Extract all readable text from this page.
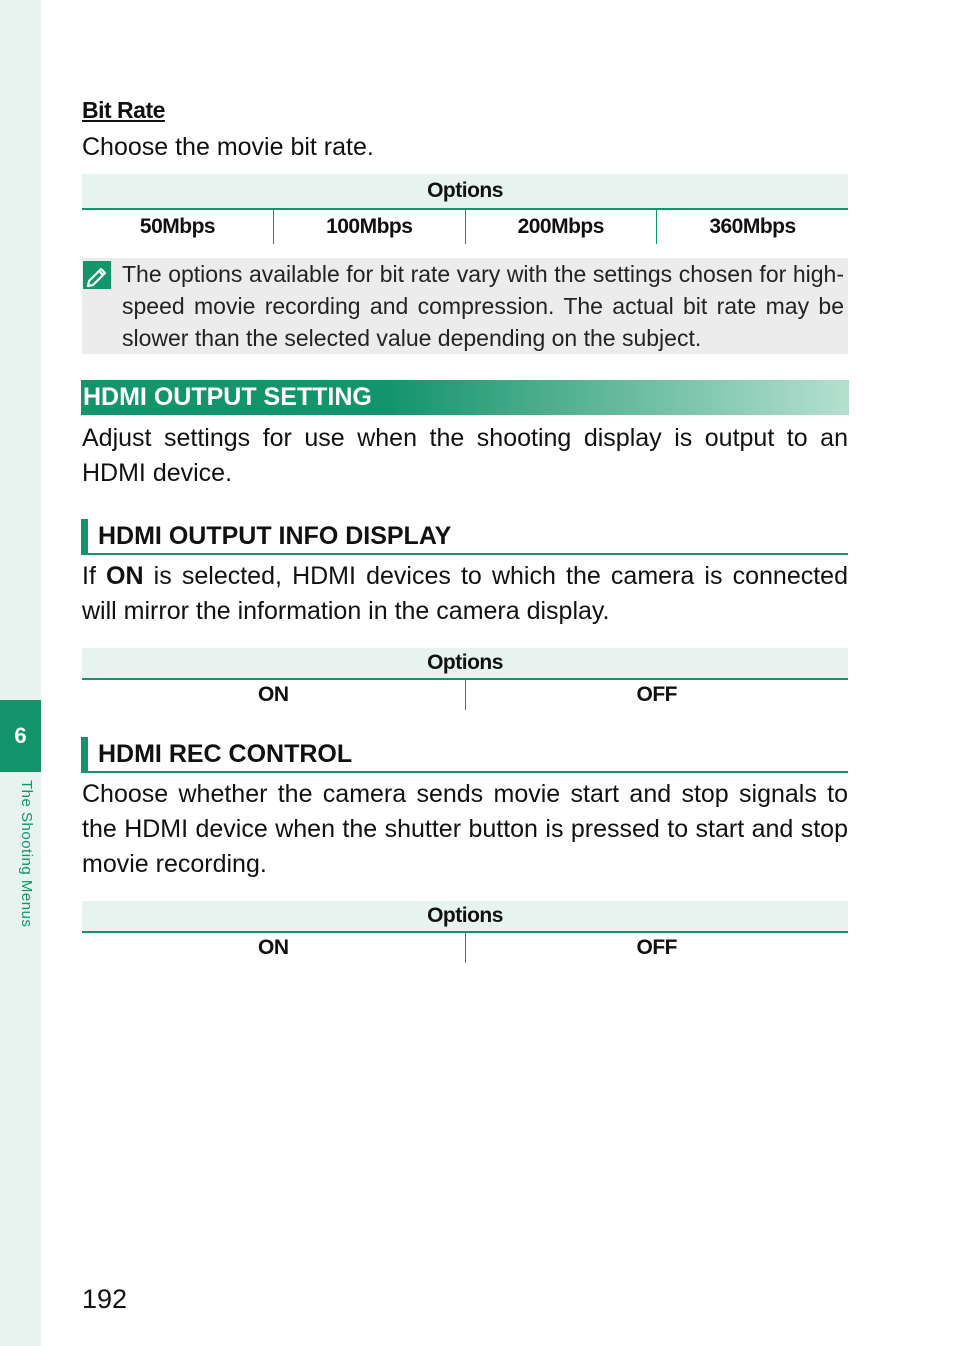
6
The Shooting Menus
Bit Rate
Choose the movie bit rate.
Options
50Mbps	100Mbps	200Mbps	360Mbps
The options available for bit rate vary with the settings chosen for high-speed movie recording and compression. The actual bit rate may be slower than the selected value depending on the subject.
HDMI OUTPUT SETTING
Adjust settings for use when the shooting display is output to an HDMI device.
HDMI OUTPUT INFO DISPLAY
If ON is selected, HDMI devices to which the camera is connected will mirror the information in the camera display.
Options
ON	OFF
HDMI REC CONTROL
Choose whether the camera sends movie start and stop signals to the HDMI device when the shutter button is pressed to start and stop movie recording.
Options
ON	OFF
192
